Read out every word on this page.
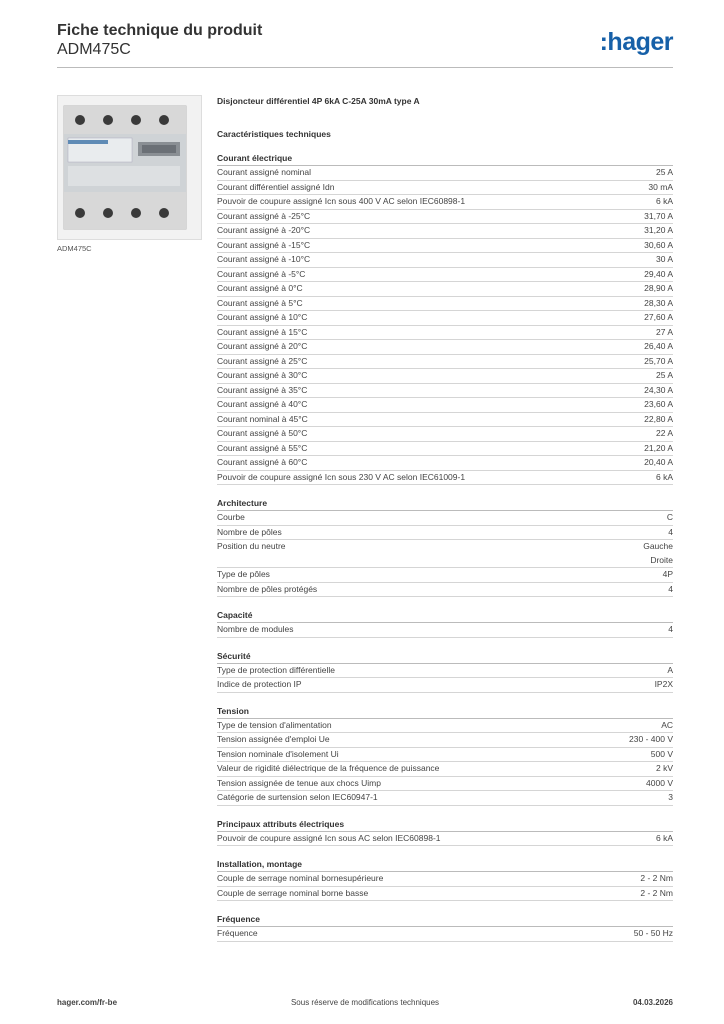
Fiche technique du produit
ADM475C	:hager
ADM475C
Disjoncteur différentiel 4P 6kA C-25A 30mA type A
Caractéristiques techniques
Courant électrique
Courant assigné nominal	25 A
Courant différentiel assigné Idn	30 mA
Pouvoir de coupure assigné Icn sous 400 V AC selon IEC60898-1	6 kA
Courant assigné à -25°C	31,70 A
Courant assigné à -20°C	31,20 A
Courant assigné à -15°C	30,60 A
Courant assigné à -10°C	30 A
Courant assigné à -5°C	29,40 A
Courant assigné à 0°C	28,90 A
Courant assigné à 5°C	28,30 A
Courant assigné à 10°C	27,60 A
Courant assigné à 15°C	27 A
Courant assigné à 20°C	26,40 A
Courant assigné à 25°C	25,70 A
Courant assigné à 30°C	25 A
Courant assigné à 35°C	24,30 A
Courant assigné à 40°C	23,60 A
Courant nominal à 45°C	22,80 A
Courant assigné à 50°C	22 A
Courant assigné à 55°C	21,20 A
Courant assigné à 60°C	20,40 A
Pouvoir de coupure assigné Icn sous 230 V AC selon IEC61009-1	6 kA
Architecture
Courbe	C
Nombre de pôles	4
Position du neutre	Gauche
Droite
Type de pôles	4P
Nombre de pôles protégés	4
Capacité
Nombre de modules	4
Sécurité
Type de protection différentielle	A
Indice de protection IP	IP2X
Tension
Type de tension d'alimentation	AC
Tension assignée d'emploi Ue	230 - 400 V
Tension nominale d'isolement Ui	500 V
Valeur de rigidité diélectrique de la fréquence de puissance	2 kV
Tension assignée de tenue aux chocs Uimp	4000 V
Catégorie de surtension selon IEC60947-1	3
Principaux attributs électriques
Pouvoir de coupure assigné Icn sous AC selon IEC60898-1	6 kA
Installation, montage
Couple de serrage nominal bornesupérieure	2 - 2 Nm
Couple de serrage nominal borne basse	2 - 2 Nm
Fréquence
Fréquence	50 - 50 Hz
hager.com/fr-be	Sous réserve de modifications techniques	04.03.2026
